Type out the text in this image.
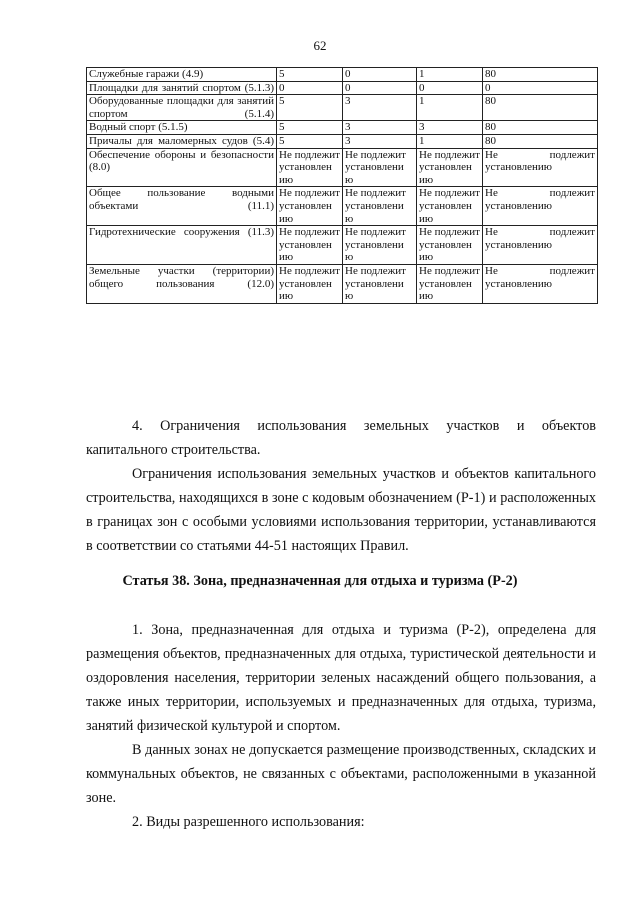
62
Служебные гаражи (4.9)	5	0	1	80
Площадки для занятий спортом (5.1.3)	0	0	0	0
Оборудованные площадки для занятий спортом (5.1.4)	5	3	1	80
Водный спорт (5.1.5)	5	3	3	80
Причалы для маломерных судов (5.4)	5	3	1	80
Обеспечение обороны и безопасности (8.0)	Не подлежит установлен ию	Не подлежит установлени ю	Не подлежит установлен ию	Не подлежит установлению
Общее пользование водными объектами (11.1)	Не подлежит установлен ию	Не подлежит установлени ю	Не подлежит установлен ию	Не подлежит установлению
Гидротехнические сооружения (11.3)	Не подлежит установлен ию	Не подлежит установлени ю	Не подлежит установлен ию	Не подлежит установлению
Земельные участки (территории) общего пользования (12.0)	Не подлежит установлен ию	Не подлежит установлени ю	Не подлежит установлен ию	Не подлежит установлению

4. Ограничения использования земельных участков и объектов капитального строительства.

Ограничения использования земельных участков и объектов капитального строительства, находящихся в зоне с кодовым обозначением (Р-1) и расположенных в границах зон с особыми условиями использования территории, устанавливаются в соответствии со статьями 44-51 настоящих Правил.

Статья 38. Зона, предназначенная для отдыха и туризма (Р-2)

1. Зона, предназначенная для отдыха и туризма (Р-2), определена для размещения объектов, предназначенных для отдыха, туристической деятельности и оздоровления населения, территории зеленых насаждений общего пользования, а также иных территории, используемых и предназначенных для отдыха, туризма, занятий физической культурой и спортом.

В данных зонах не допускается размещение производственных, складских и коммунальных объектов, не связанных с объектами, расположенными в указанной зоне.

2. Виды разрешенного использования:
